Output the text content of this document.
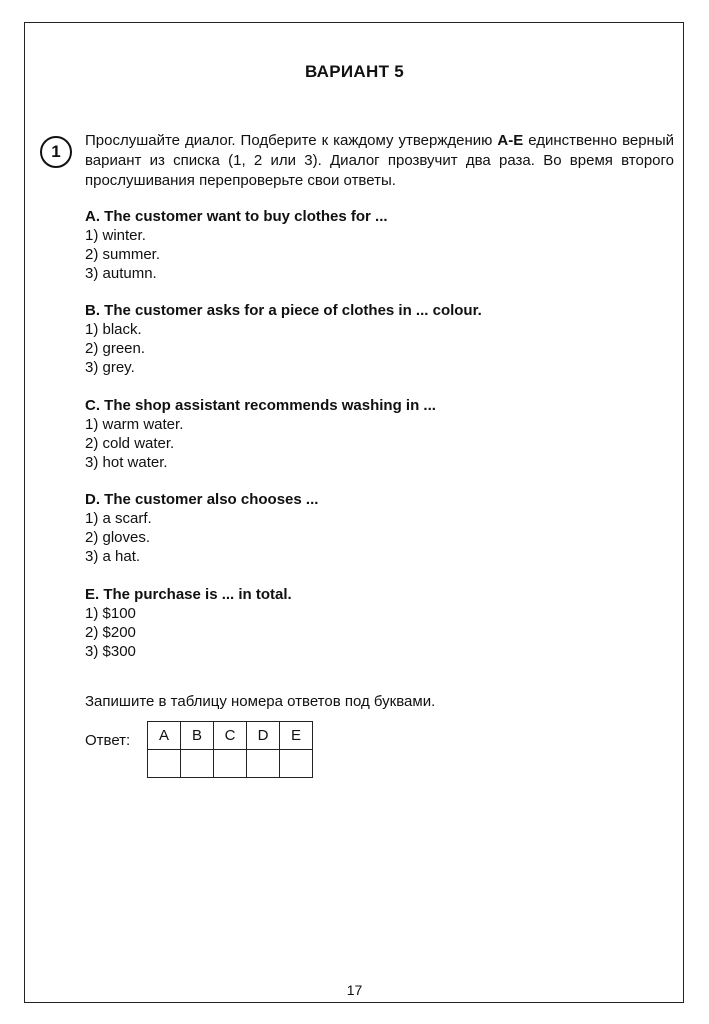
ВАРИАНТ 5
1
Прослушайте диалог. Подберите к каждому утверждению A-E единственно верный вариант из списка (1, 2 или 3). Диалог прозвучит два раза. Во время второго прослушивания перепроверьте свои ответы.
A. The customer want to buy clothes for ...
1) winter.
2) summer.
3) autumn.
B. The customer asks for a piece of clothes in ... colour.
1) black.
2) green.
3) grey.
C. The shop assistant recommends washing in ...
1) warm water.
2) cold water.
3) hot water.
D. The customer also chooses ...
1) a scarf.
2) gloves.
3) a hat.
E. The purchase is ... in total.
1) $100
2) $200
3) $300
Запишите в таблицу номера ответов под буквами.
Ответ: A	B	C	D	E

17
